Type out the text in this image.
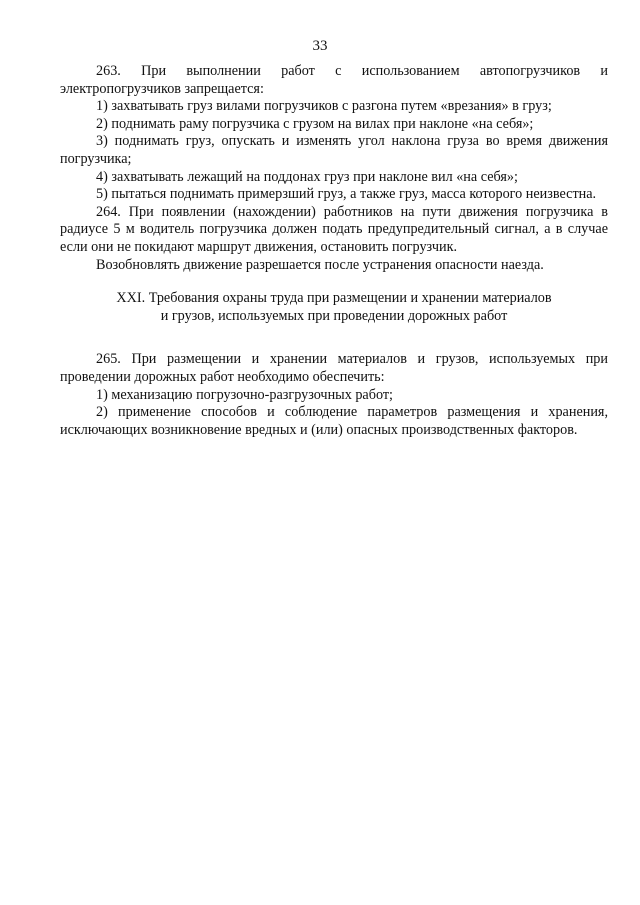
33

263. При выполнении работ с использованием автопогрузчиков и электропогрузчиков запрещается:

1) захватывать груз вилами погрузчиков с разгона путем «врезания» в груз;

2) поднимать раму погрузчика с грузом на вилах при наклоне «на себя»;

3) поднимать груз, опускать и изменять угол наклона груза во время движения погрузчика;

4) захватывать лежащий на поддонах груз при наклоне вил «на себя»;

5) пытаться поднимать примерзший груз, а также груз, масса которого неизвестна.

264. При появлении (нахождении) работников на пути движения погрузчика в радиусе 5 м водитель погрузчика должен подать предупредительный сигнал, а в случае если они не покидают маршрут движения, остановить погрузчик.

Возобновлять движение разрешается после устранения опасности наезда.

XXI. Требования охраны труда при размещении и хранении материалов
и грузов, используемых при проведении дорожных работ

265. При размещении и хранении материалов и грузов, используемых при проведении дорожных работ необходимо обеспечить:

1) механизацию погрузочно-разгрузочных работ;

2) применение способов и соблюдение параметров размещения и хранения, исключающих возникновение вредных и (или) опасных производственных факторов.
